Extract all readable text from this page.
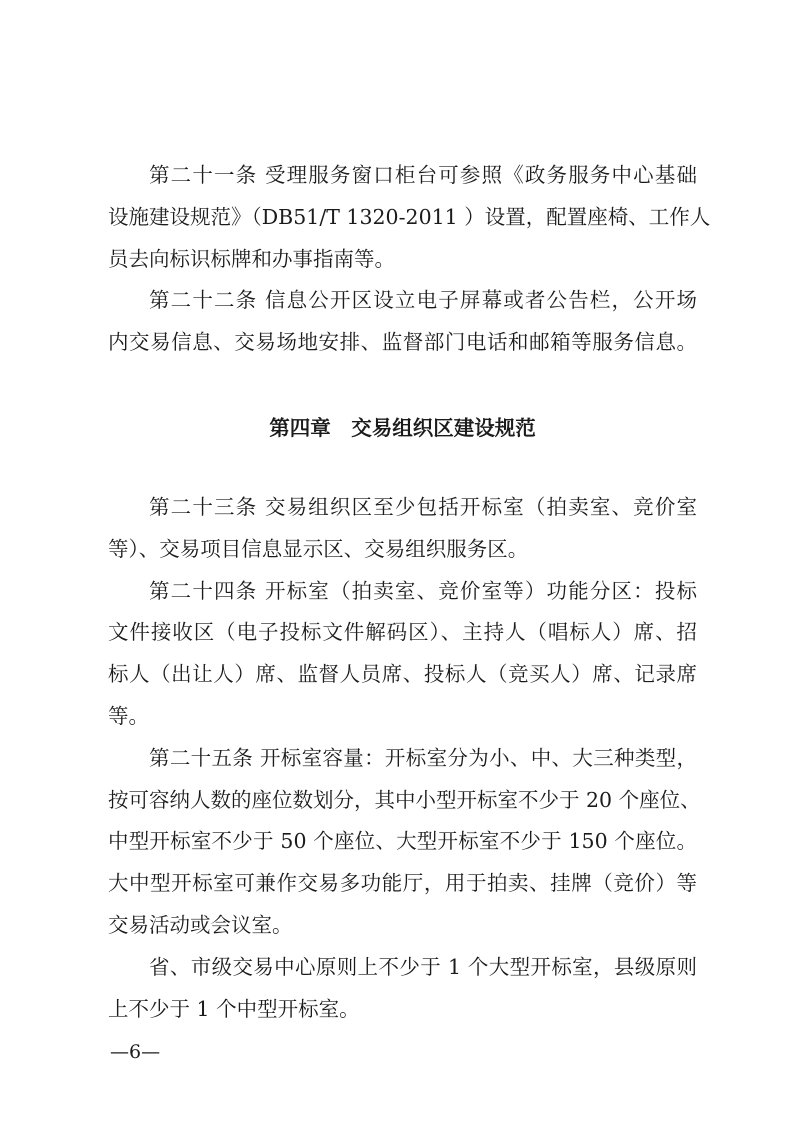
第二十一条 受理服务窗口柜台可参照《政务服务中心基础
设施建设规范》（DB51/T 1320-2011 ）设置，配置座椅、工作人
员去向标识标牌和办事指南等。
第二十二条 信息公开区设立电子屏幕或者公告栏，公开场
内交易信息、交易场地安排、监督部门电话和邮箱等服务信息。
第四章　交易组织区建设规范
第二十三条 交易组织区至少包括开标室（拍卖室、竞价室
等）、交易项目信息显示区、交易组织服务区。
第二十四条 开标室（拍卖室、竞价室等）功能分区：投标
文件接收区（电子投标文件解码区）、主持人（唱标人）席、招
标人（出让人）席、监督人员席、投标人（竞买人）席、记录席
等。
第二十五条 开标室容量：开标室分为小、中、大三种类型，
按可容纳人数的座位数划分，其中小型开标室不少于 20 个座位、
中型开标室不少于 50 个座位、大型开标室不少于 150 个座位。
大中型开标室可兼作交易多功能厅，用于拍卖、挂牌（竞价）等
交易活动或会议室。
省、市级交易中心原则上不少于 1 个大型开标室，县级原则
上不少于 1 个中型开标室。
—6—
